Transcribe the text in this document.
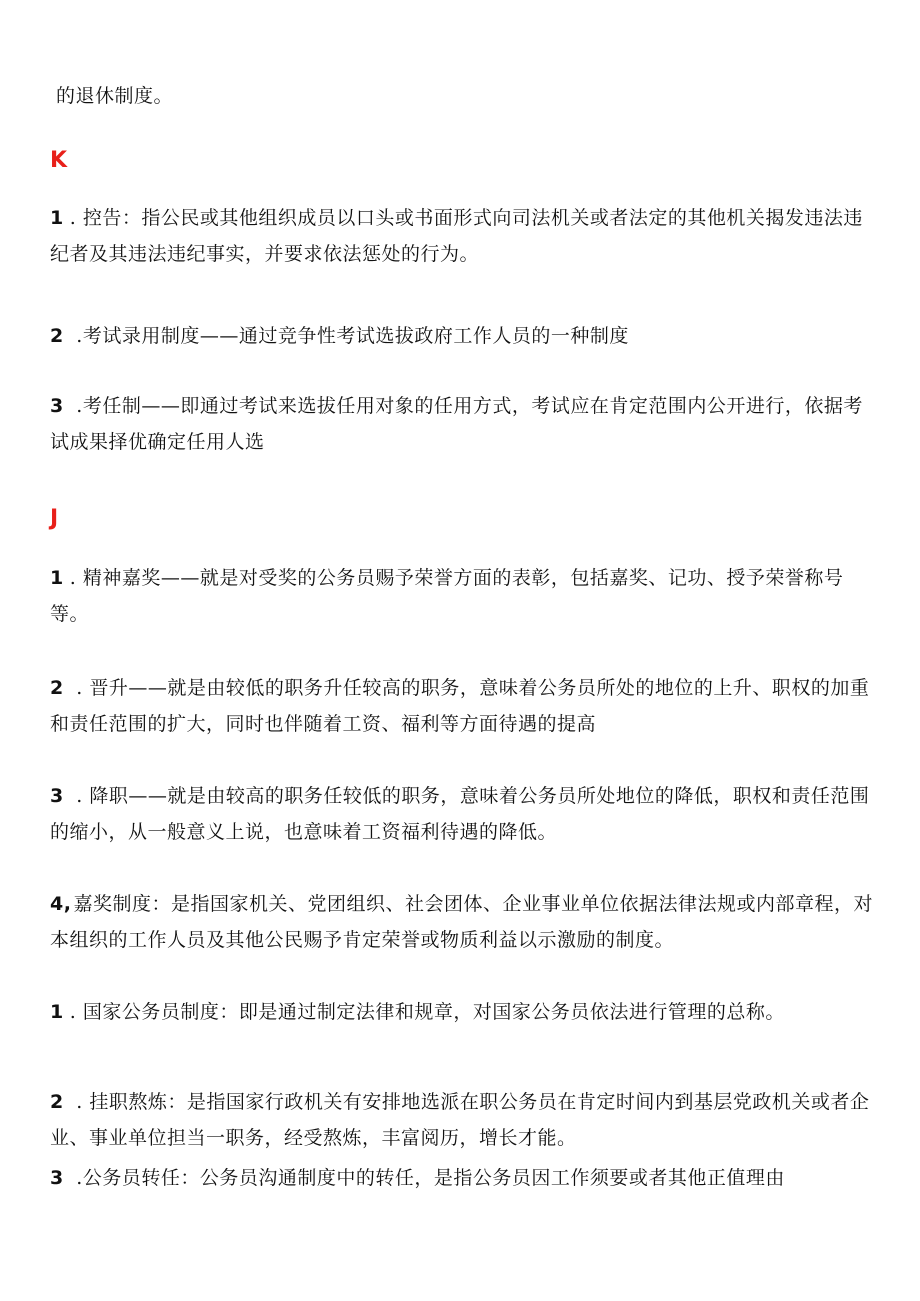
的退休制度。
K
1 . 控告：指公民或其他组织成员以口头或书面形式向司法机关或者法定的其他机关揭发违法违纪者及其违法违纪事实，并要求依法惩处的行为。
2 .考试录用制度——通过竞争性考试选拔政府工作人员的一种制度
3 .考任制——即通过考试来选拔任用对象的任用方式，考试应在肯定范围内公开进行，依据考试成果择优确定任用人选
J
1 . 精神嘉奖——就是对受奖的公务员赐予荣誉方面的表彰，包括嘉奖、记功、授予荣誉称号等。
2 . 晋升——就是由较低的职务升任较高的职务，意味着公务员所处的地位的上升、职权的加重和责任范围的扩大，同时也伴随着工资、福利等方面待遇的提高
3 . 降职——就是由较高的职务任较低的职务，意味着公务员所处地位的降低，职权和责任范围的缩小，从一般意义上说，也意味着工资福利待遇的降低。
4, 嘉奖制度：是指国家机关、党团组织、社会团体、企业事业单位依据法律法规或内部章程，对本组织的工作人员及其他公民赐予肯定荣誉或物质利益以示激励的制度。
1 . 国家公务员制度：即是通过制定法律和规章，对国家公务员依法进行管理的总称。
2 . 挂职熬炼：是指国家行政机关有安排地选派在职公务员在肯定时间内到基层党政机关或者企业、事业单位担当一职务，经受熬炼，丰富阅历，增长才能。
3 .公务员转任：公务员沟通制度中的转任，是指公务员因工作须要或者其他正值理由
